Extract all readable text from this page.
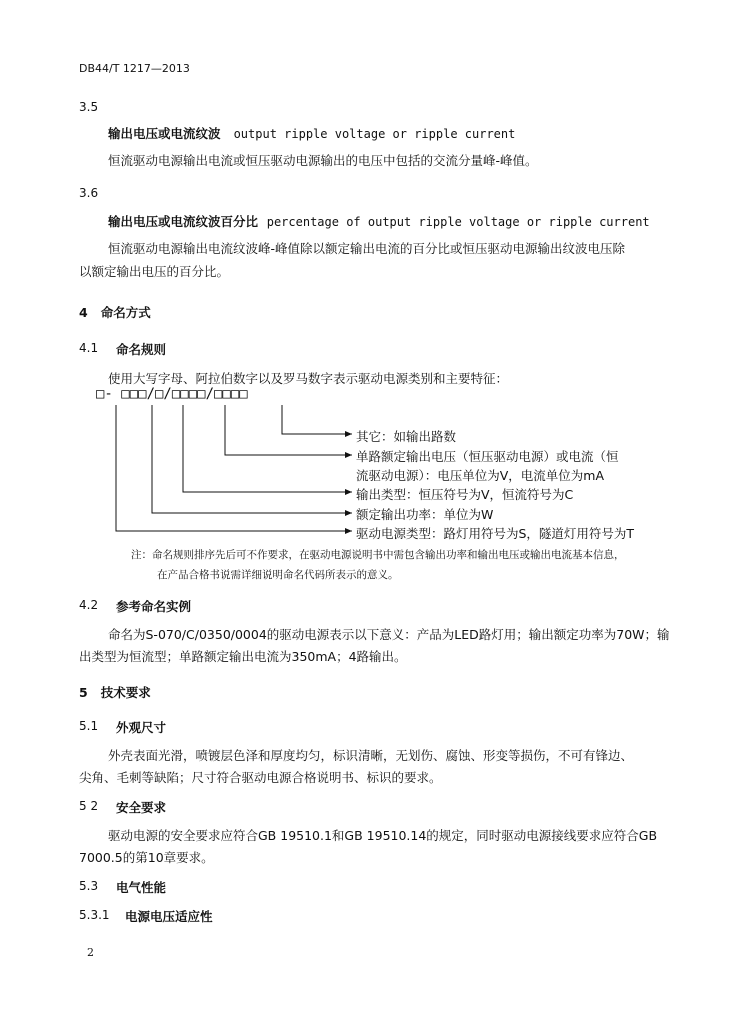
DB44/T 1217—2013
3.5
输出电压或电流纹波 output ripple voltage or ripple current
恒流驱动电源输出电流或恒压驱动电源输出的电压中包括的交流分量峰-峰值。
3.6
输出电压或电流纹波百分比 percentage of output ripple voltage or ripple current
恒流驱动电源输出电流纹波峰-峰值除以额定输出电流的百分比或恒压驱动电源输出纹波电压除
以额定输出电压的百分比。
4   命名方式
4.1 命名规则
使用大写字母、阿拉伯数字以及罗马数字表示驱动电源类别和主要特征：
□- □□□/□/□□□□/□□□□
其它：如输出路数
单路额定输出电压（恒压驱动电源）或电流（恒
流驱动电源）：电压单位为V，电流单位为mA
输出类型：恒压符号为V，恒流符号为C
额定输出功率：单位为W
驱动电源类型：路灯用符号为S，隧道灯用符号为T
注：命名规则排序先后可不作要求，在驱动电源说明书中需包含输出功率和输出电压或输出电流基本信息，
在产品合格书说需详细说明命名代码所表示的意义。
4.2 参考命名实例
命名为S-070/C/0350/0004的驱动电源表示以下意义：产品为LED路灯用；输出额定功率为70W；输
出类型为恒流型；单路额定输出电流为350mA；4路输出。
5   技术要求
5.1 外观尺寸
外壳表面光滑，喷镀层色泽和厚度均匀，标识清晰，无划伤、腐蚀、形变等损伤，不可有锋边、
尖角、毛刺等缺陷；尺寸符合驱动电源合格说明书、标识的要求。
5 2 安全要求
驱动电源的安全要求应符合GB 19510.1和GB 19510.14的规定，同时驱动电源接线要求应符合GB
7000.5的第10章要求。
5.3 电气性能
5.3.1 电源电压适应性
2
